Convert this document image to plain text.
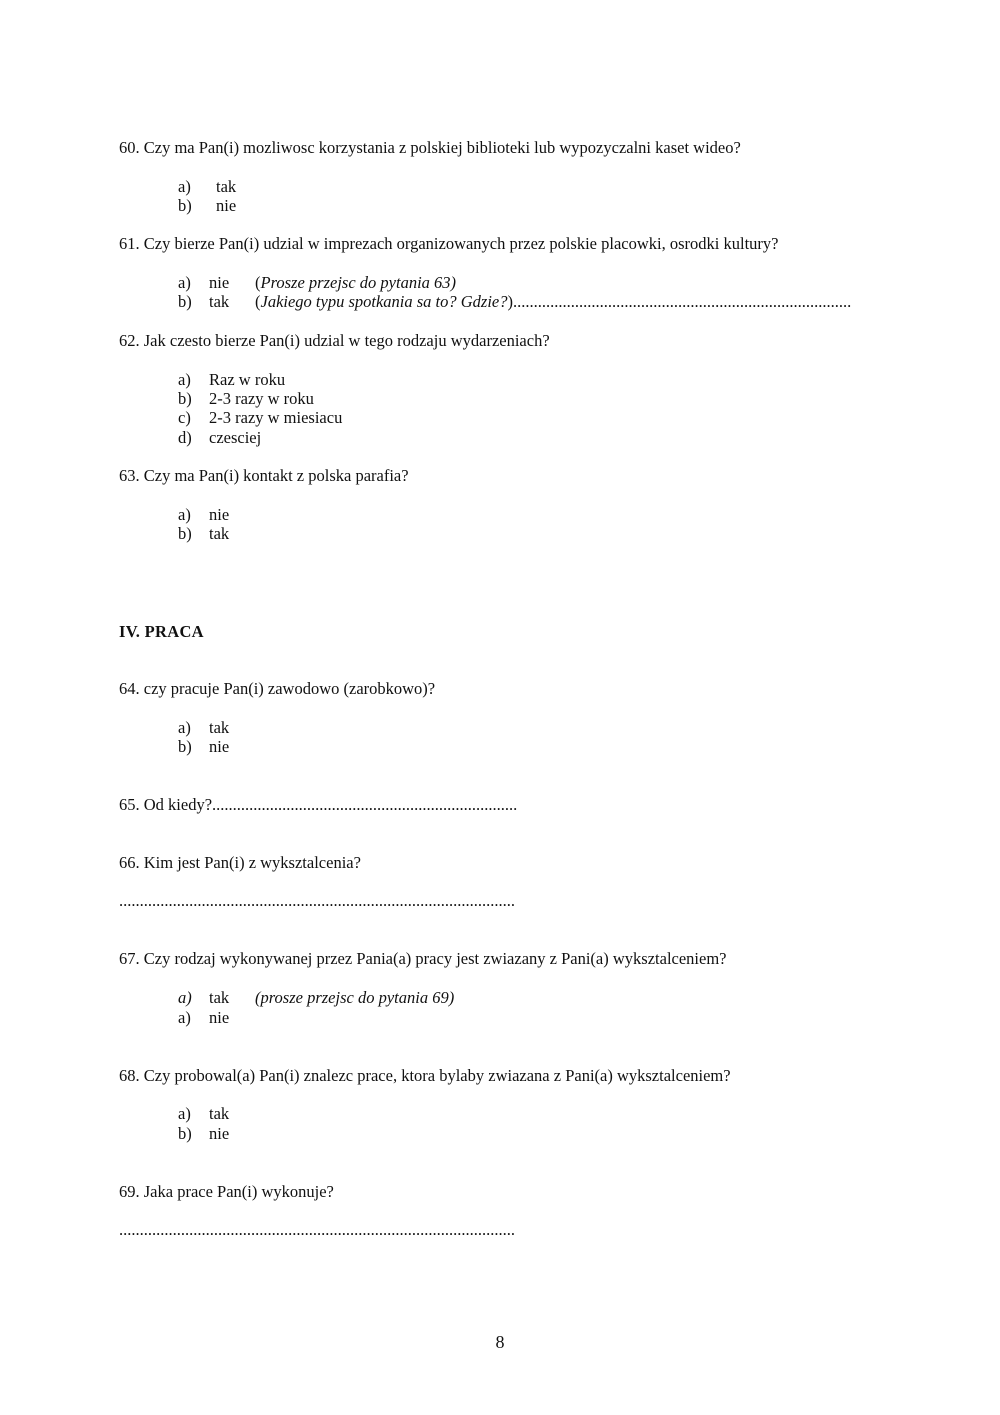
60. Czy ma Pan(i) mozliwosc korzystania z polskiej biblioteki lub wypozyczalni kaset wideo?
a) tak
b) nie
61. Czy bierze Pan(i) udzial w imprezach organizowanych przez polskie placowki, osrodki kultury?
a) nie (Prosze przejsc do pytania 63)
b) tak (Jakiego typu spotkania sa to? Gdzie?)..................................................................................
62. Jak czesto bierze Pan(i) udzial w tego rodzaju wydarzeniach?
a) Raz w roku
b) 2-3 razy w roku
c) 2-3 razy w miesiacu
d) czesciej
63. Czy ma Pan(i) kontakt z polska parafia?
a) nie
b) tak
IV. PRACA
64. czy pracuje Pan(i) zawodowo (zarobkowo)?
a) tak
b) nie
65. Od kiedy?..........................................................................
66. Kim jest Pan(i) z wyksztalcenia?
................................................................................................
67. Czy rodzaj wykonywanej przez Pania(a) pracy jest zwiazany z Pani(a) wyksztalceniem?
a) tak (prosze przejsc do pytania 69)
a) nie
68. Czy probowal(a) Pan(i) znalezc prace, ktora bylaby zwiazana z Pani(a) wyksztalceniem?
a) tak
b) nie
69. Jaka prace Pan(i) wykonuje?
................................................................................................
8
